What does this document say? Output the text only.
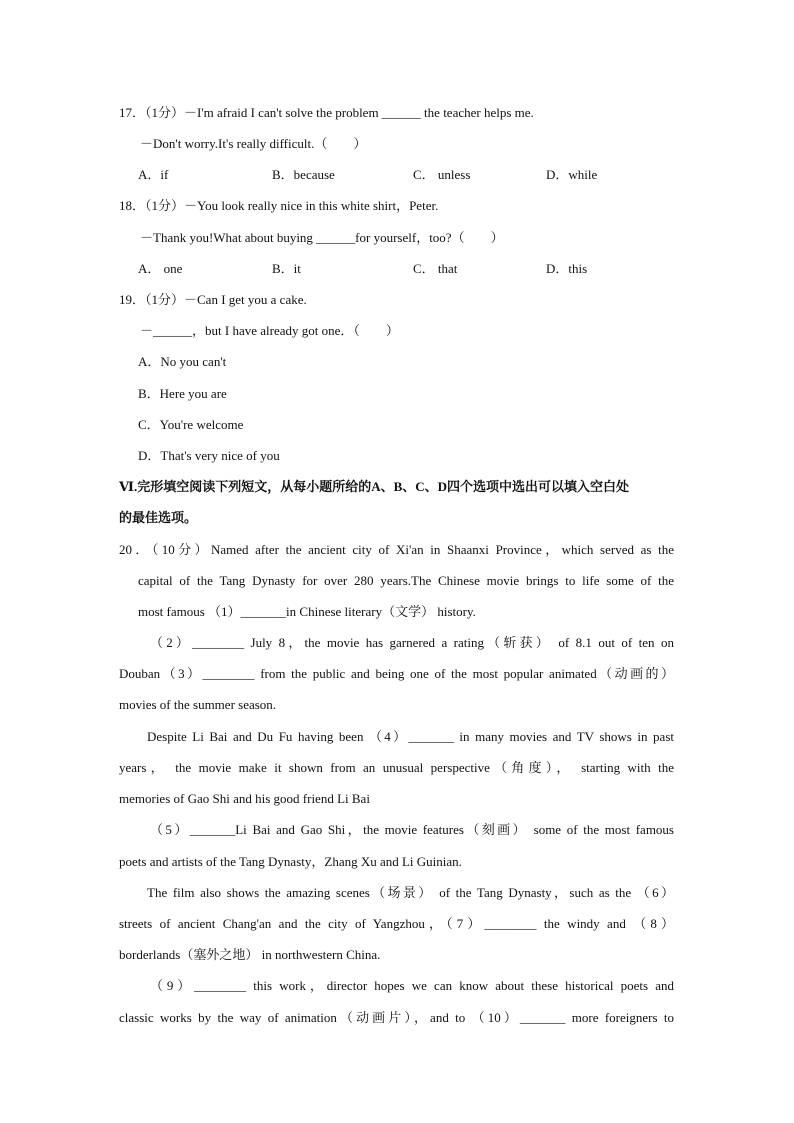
17．（1分）－I'm afraid I can't solve the problem ______ the teacher helps me.
－Don't worry.It's really difficult.（　　）
A．if	B．because	C． unless	D．while
18．（1分）－You look really nice in this white shirt，Peter.
－Thank you!What about buying ______for yourself，too?（　　）
A． one	B．it	C． that	D．this
19．（1分）－Can I get you a cake.
－______，but I have already got one．（　　）
A．No you can't
B．Here you are
C．You're welcome
D．That's very nice of you
Ⅵ.完形填空阅读下列短文，从每小题所给的A、B、C、D四个选项中选出可以填入空白处
的最佳选项。
20．（10分）Named after the ancient city of Xi'an in Shaanxi Province，which served as the
capital of the Tang Dynasty for over 280 years.The Chinese movie brings to life some of the
most famous （1）_______in Chinese literary（文学） history.
（2）________ July 8，the movie has garnered a rating（斩获） of 8.1 out of ten on
Douban（3）________ from the public and being one of the most popular animated（动画的）
movies of the summer season.
Despite Li Bai and Du Fu having been （4）_______ in many movies and TV shows in past
years， the movie make it shown from an unusual perspective（角度）， starting with the
memories of Gao Shi and his good friend Li Bai
（5）_______Li Bai and Gao Shi，the movie features（刻画） some of the most famous
poets and artists of the Tang Dynasty，Zhang Xu and Li Guinian.
The film also shows the amazing scenes（场景） of the Tang Dynasty，such as the （6）
streets of ancient Chang'an and the city of Yangzhou，（7）________ the windy and （8）
borderlands（塞外之地） in northwestern China.
（9）________ this work，director hopes we can know about these historical poets and
classic works by the way of animation（动画片），and to （10）_______ more foreigners to
